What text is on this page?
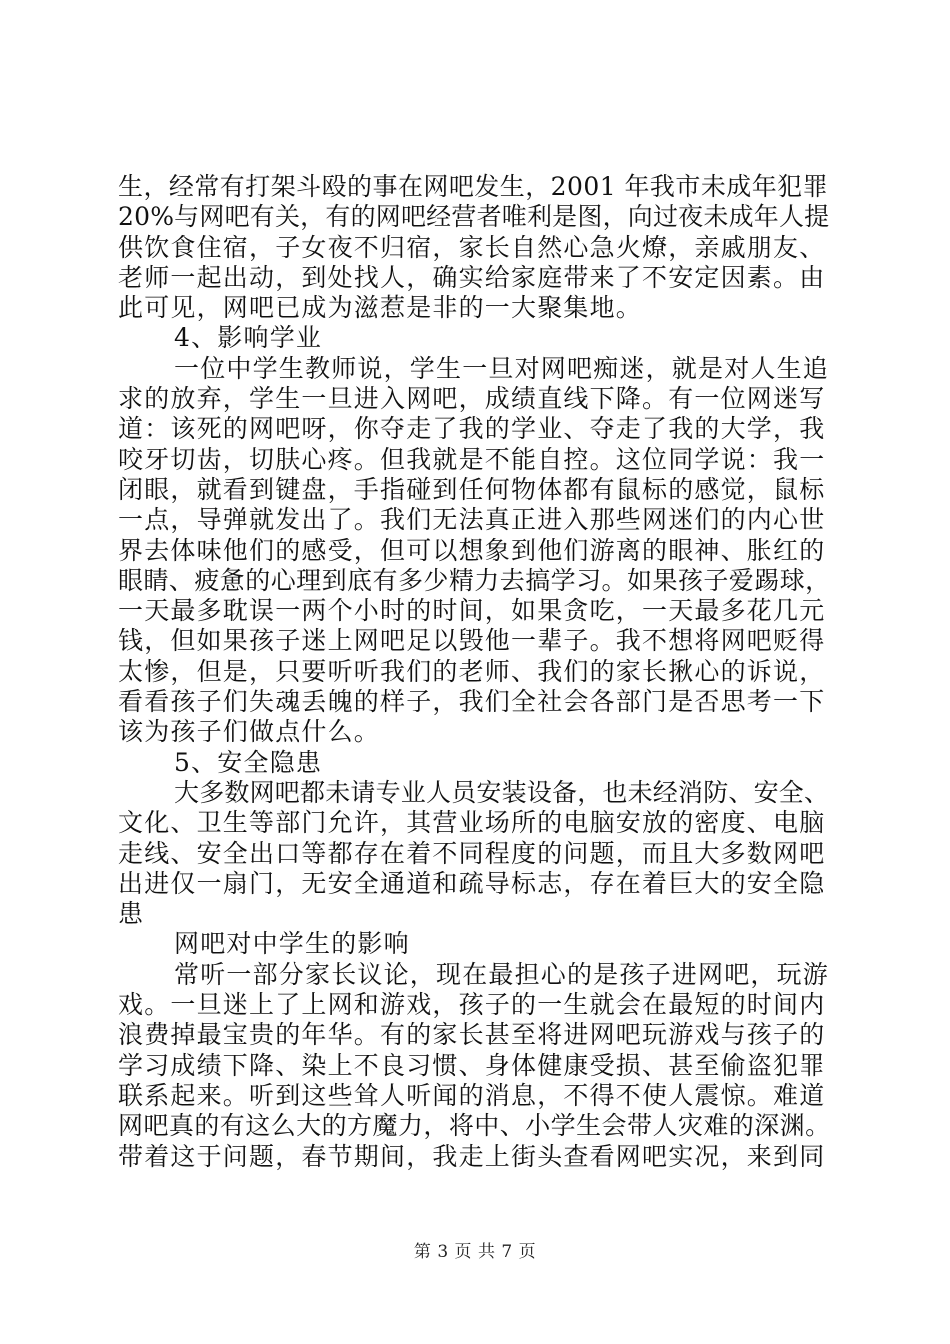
生，经常有打架斗殴的事在网吧发生，2001 年我市未成年犯罪
20%与网吧有关，有的网吧经营者唯利是图，向过夜未成年人提
供饮食住宿，子女夜不归宿，家长自然心急火燎，亲戚朋友、
老师一起出动，到处找人，确实给家庭带来了不安定因素。由
此可见，网吧已成为滋惹是非的一大聚集地。
4、影响学业
一位中学生教师说，学生一旦对网吧痴迷，就是对人生追
求的放弃，学生一旦进入网吧，成绩直线下降。有一位网迷写
道：该死的网吧呀，你夺走了我的学业、夺走了我的大学，我
咬牙切齿，切肤心疼。但我就是不能自控。这位同学说：我一
闭眼，就看到键盘，手指碰到任何物体都有鼠标的感觉，鼠标
一点，导弹就发出了。我们无法真正进入那些网迷们的内心世
界去体味他们的感受，但可以想象到他们游离的眼神、胀红的
眼睛、疲惫的心理到底有多少精力去搞学习。如果孩子爱踢球，
一天最多耽误一两个小时的时间，如果贪吃，一天最多花几元
钱，但如果孩子迷上网吧足以毁他一辈子。我不想将网吧贬得
太惨，但是，只要听听我们的老师、我们的家长揪心的诉说，
看看孩子们失魂丢魄的样子，我们全社会各部门是否思考一下
该为孩子们做点什么。
5、安全隐患
大多数网吧都未请专业人员安装设备，也未经消防、安全、
文化、卫生等部门允许，其营业场所的电脑安放的密度、电脑
走线、安全出口等都存在着不同程度的问题，而且大多数网吧
出进仅一扇门，无安全通道和疏导标志，存在着巨大的安全隐
患
网吧对中学生的影响
常听一部分家长议论，现在最担心的是孩子进网吧，玩游
戏。一旦迷上了上网和游戏，孩子的一生就会在最短的时间内
浪费掉最宝贵的年华。有的家长甚至将进网吧玩游戏与孩子的
学习成绩下降、染上不良习惯、身体健康受损、甚至偷盗犯罪
联系起来。听到这些耸人听闻的消息，不得不使人震惊。难道
网吧真的有这么大的方魔力，将中、小学生会带人灾难的深渊。
带着这于问题，春节期间，我走上街头查看网吧实况，来到同
第 3 页 共 7 页
